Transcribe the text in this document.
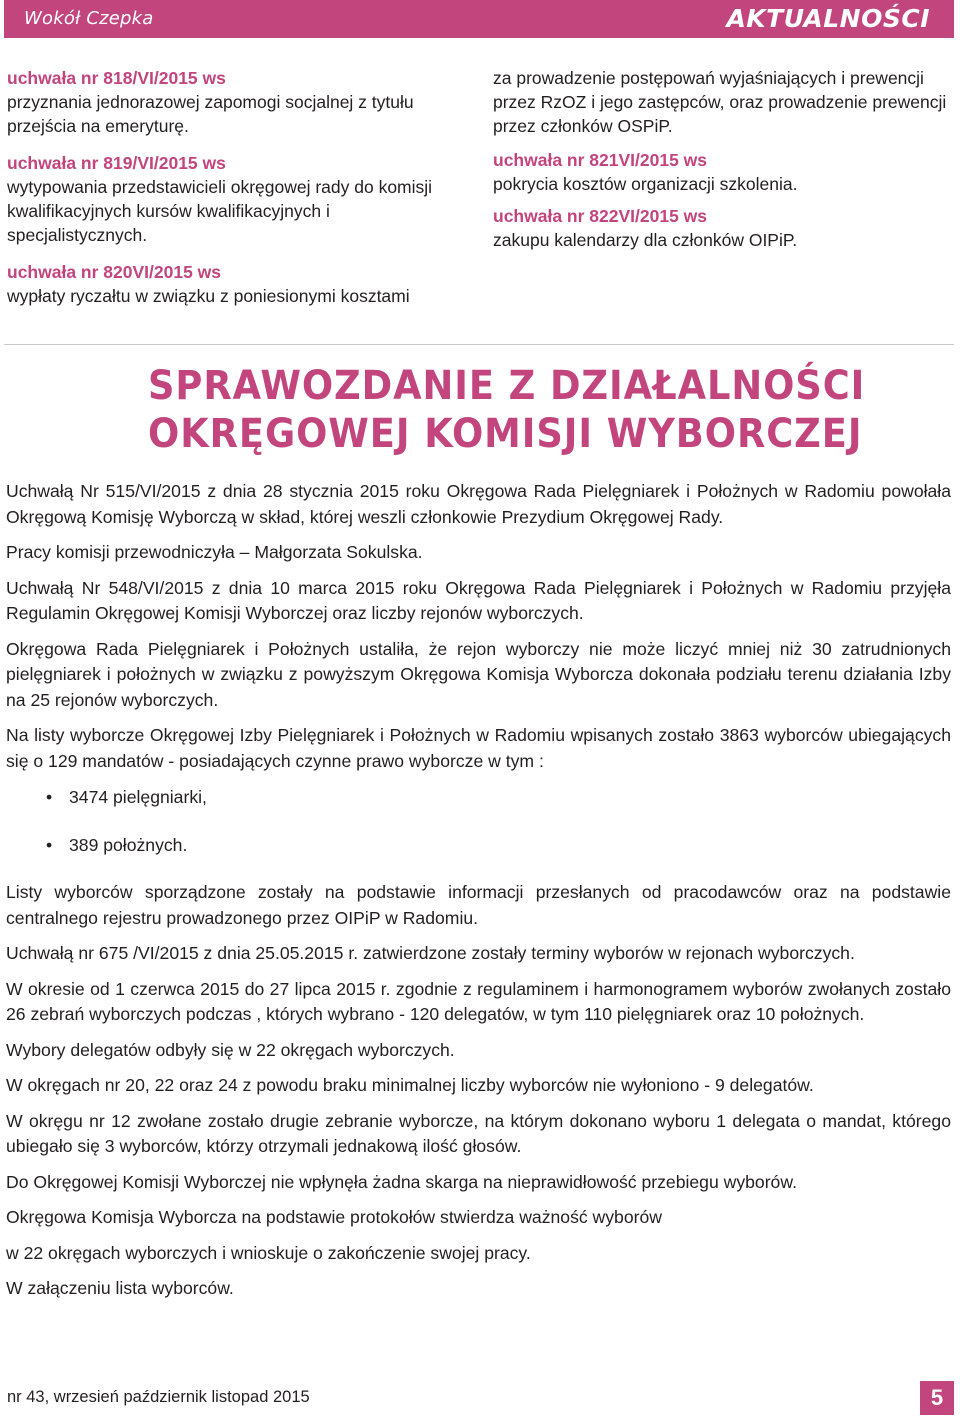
Wokół Czepka	AKTUALNOŚCI
uchwała nr 818/VI/2015 ws
przyznania jednorazowej zapomogi socjalnej z tytułu przejścia na emeryturę.
uchwała nr 819/VI/2015 ws
wytypowania przedstawicieli okręgowej rady do komisji kwalifikacyjnych kursów kwalifikacyjnych i specjalistycznych.
uchwała nr 820VI/2015 ws
wypłaty ryczałtu w związku z poniesionymi kosztami
za prowadzenie postępowań wyjaśniających i prewencji przez RzOZ i jego zastępców, oraz prowadzenie prewencji przez członków OSPiP.
uchwała nr 821VI/2015 ws
pokrycia kosztów organizacji szkolenia.
uchwała nr 822VI/2015 ws
zakupu kalendarzy dla członków OIPiP.
SPRAWOZDANIE Z DZIAŁALNOŚCI
OKRĘGOWEJ KOMISJI WYBORCZEJ

Uchwałą Nr 515/VI/2015 z dnia 28 stycznia 2015 roku Okręgowa Rada Pielęgniarek i Położnych w Radomiu powołała Okręgową Komisję Wyborczą w skład, której weszli członkowie Prezydium Okręgowej Rady.

Pracy komisji przewodniczyła – Małgorzata Sokulska.

Uchwałą Nr 548/VI/2015 z dnia 10 marca 2015 roku Okręgowa Rada Pielęgniarek i Położnych w Radomiu przyjęła Regulamin Okręgowej Komisji Wyborczej oraz liczby rejonów wyborczych.

Okręgowa Rada Pielęgniarek i Położnych ustaliła, że rejon wyborczy nie może liczyć mniej niż 30 zatrudnionych pielęgniarek i położnych w związku z powyższym Okręgowa Komisja Wyborcza dokonała podziału terenu działania Izby na 25 rejonów wyborczych.

Na listy wyborcze Okręgowej Izby Pielęgniarek i Położnych w Radomiu wpisanych zostało 3863 wyborców ubiegających się o 129 mandatów - posiadających czynne prawo wyborcze w tym :

• 3474 pielęgniarki,
• 389 położnych.

Listy wyborców sporządzone zostały na podstawie informacji przesłanych od pracodawców oraz na podstawie centralnego rejestru prowadzonego przez OIPiP w Radomiu.

Uchwałą nr 675 /VI/2015 z dnia 25.05.2015 r. zatwierdzone zostały terminy wyborów w rejonach wyborczych.

W okresie od 1 czerwca 2015 do 27 lipca 2015 r. zgodnie z regulaminem i harmonogramem wyborów zwołanych zostało 26 zebrań wyborczych podczas , których wybrano - 120 delegatów, w tym 110 pielęgniarek oraz 10 położnych.

Wybory delegatów odbyły się w 22 okręgach wyborczych.

W okręgach nr 20, 22 oraz 24 z powodu braku minimalnej liczby wyborców nie wyłoniono - 9 delegatów.

W okręgu nr 12 zwołane zostało drugie zebranie wyborcze, na którym dokonano wyboru 1 delegata o mandat, którego ubiegało się 3 wyborców, którzy otrzymali jednakową ilość głosów.

Do Okręgowej Komisji Wyborczej nie wpłynęła żadna skarga na nieprawidłowość przebiegu wyborów.

Okręgowa Komisja Wyborcza na podstawie protokołów stwierdza ważność wyborów

w 22 okręgach wyborczych i wnioskuje o zakończenie swojej pracy.

W załączeniu lista wyborców.

nr 43, wrzesień październik listopad 2015	5
